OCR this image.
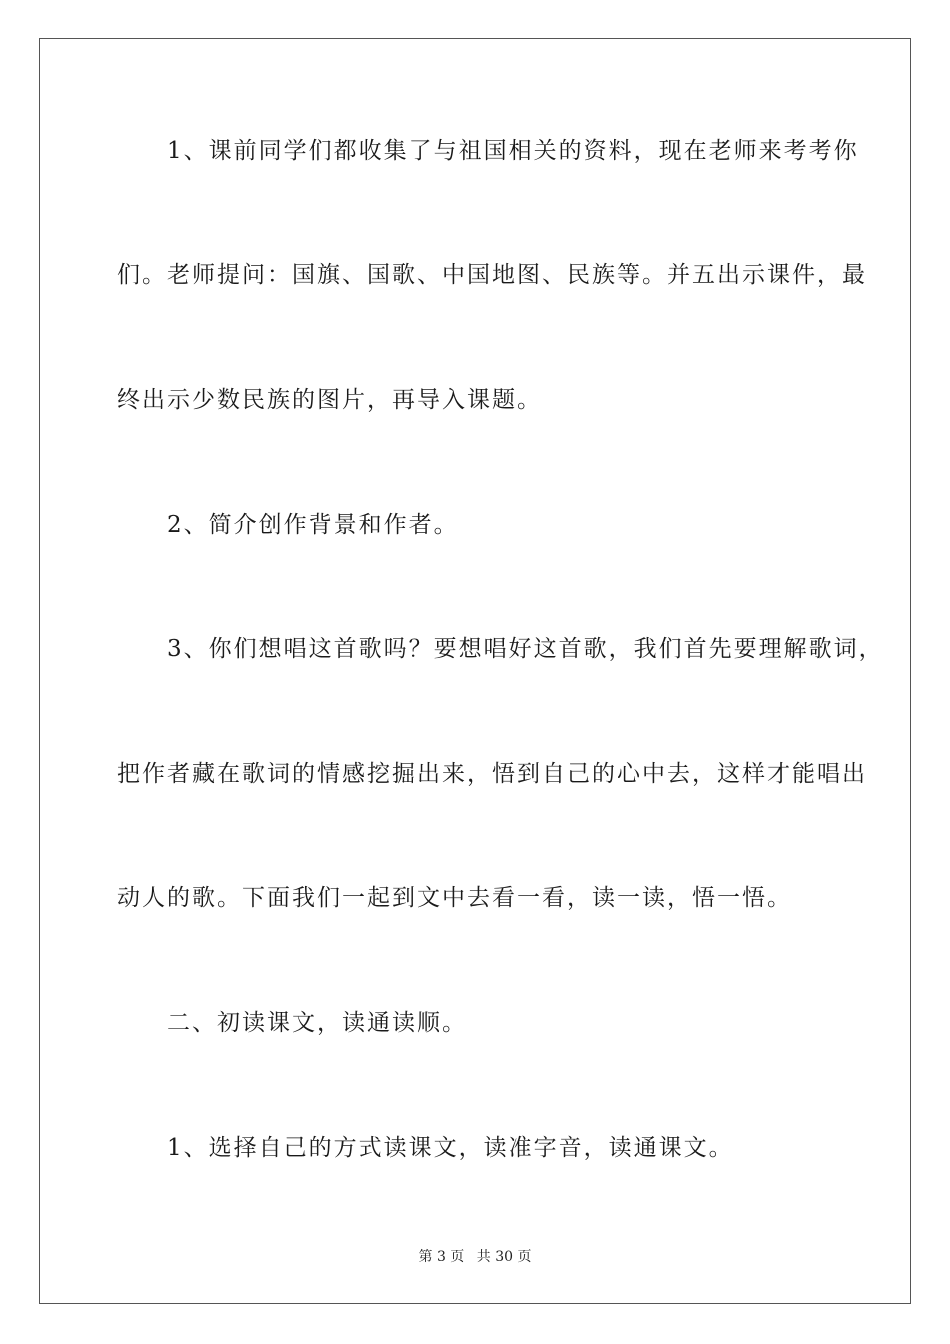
　　1、课前同学们都收集了与祖国相关的资料，现在老师来考考你
们。老师提问：国旗、国歌、中国地图、民族等。并五出示课件，最
终出示少数民族的图片，再导入课题。
　　2、简介创作背景和作者。
　　3、你们想唱这首歌吗？要想唱好这首歌，我们首先要理解歌词，
把作者藏在歌词的情感挖掘出来，悟到自己的心中去，这样才能唱出
动人的歌。下面我们一起到文中去看一看，读一读，悟一悟。
　　二、初读课文，读通读顺。
　　1、选择自己的方式读课文，读准字音，读通课文。
第 3 页 共 30 页
